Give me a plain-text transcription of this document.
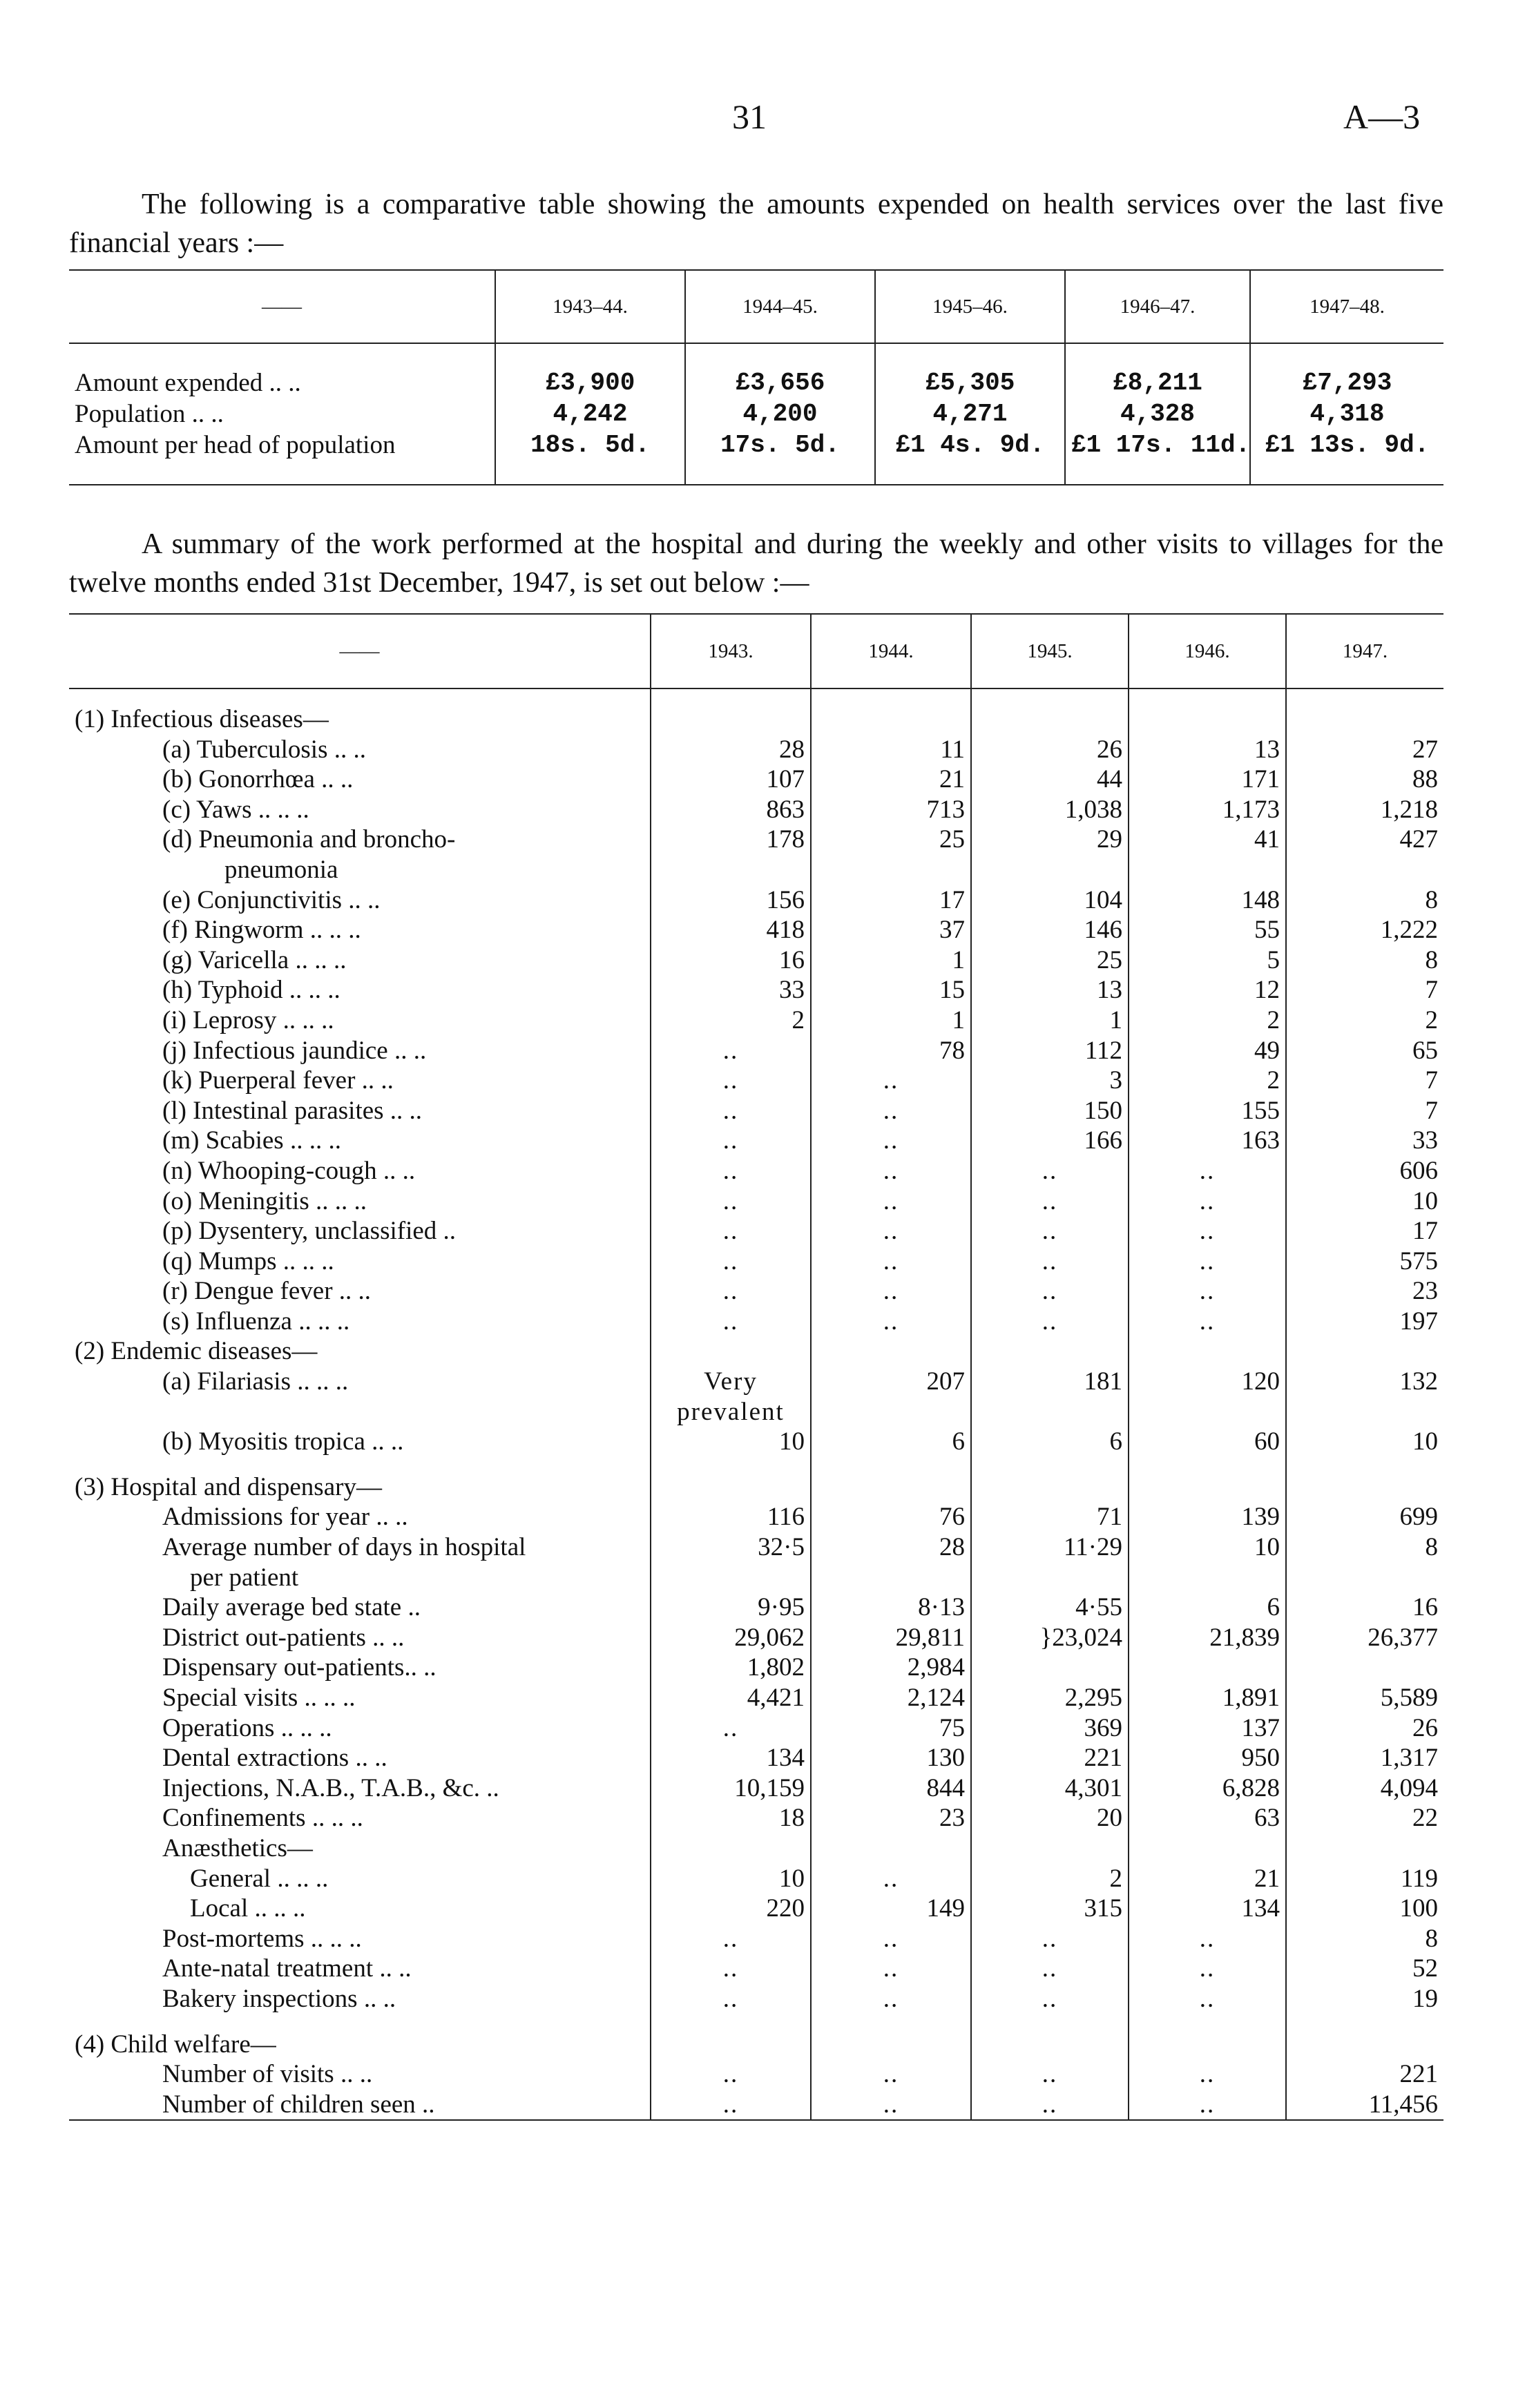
31	A—3

The following is a comparative table showing the amounts expended on health services over the last five financial years :—

——	1943–44.	1944–45.	1945–46.	1946–47.	1947–48.
Amount expended .. ..	£3,900	£3,656	£5,305	£8,211	£7,293
Population .. ..	4,242	4,200	4,271	4,328	4,318
Amount per head of population	18s. 5d.	17s. 5d.	£1 4s. 9d.	£1 17s. 11d.	£1 13s. 9d.

A summary of the work performed at the hospital and during the weekly and other visits to villages for the twelve months ended 31st December, 1947, is set out below :—

——	1943.	1944.	1945.	1946.	1947.

(1) Infectious diseases—					
(a) Tuberculosis .. ..	28	11	26	13	27
(b) Gonorrhœa .. ..	107	21	44	171	88
(c) Yaws .. .. ..	863	713	1,038	1,173	1,218
(d) Pneumonia and broncho-	178	25	29	41	427
pneumonia					
(e) Conjunctivitis .. ..	156	17	104	148	8
(f) Ringworm .. .. ..	418	37	146	55	1,222
(g) Varicella .. .. ..	16	1	25	5	8
(h) Typhoid .. .. ..	33	15	13	12	7
(i) Leprosy .. .. ..	2	1	1	2	2
(j) Infectious jaundice .. ..	..	78	112	49	65
(k) Puerperal fever .. ..	..	..	3	2	7
(l) Intestinal parasites .. ..	..	..	150	155	7
(m) Scabies .. .. ..	..	..	166	163	33
(n) Whooping-cough .. ..	..	..	..	..	606
(o) Meningitis .. .. ..	..	..	..	..	10
(p) Dysentery, unclassified ..	..	..	..	..	17
(q) Mumps .. .. ..	..	..	..	..	575
(r) Dengue fever .. ..	..	..	..	..	23
(s) Influenza .. .. ..	..	..	..	..	197
(2) Endemic diseases—					
(a) Filariasis .. .. ..	Very	207	181	120	132
	prevalent				
(b) Myositis tropica .. ..	10	6	6	60	10

(3) Hospital and dispensary—					
Admissions for year .. ..	116	76	71	139	699
Average number of days in hospital	32·5	28	11·29	10	8
per patient					
Daily average bed state ..	9·95	8·13	4·55	6	16
District out-patients .. ..	29,062	29,811	}23,024	21,839	26,377
Dispensary out-patients.. ..	1,802	2,984			
Special visits .. .. ..	4,421	2,124	2,295	1,891	5,589
Operations .. .. ..	..	75	369	137	26
Dental extractions .. ..	134	130	221	950	1,317
Injections, N.A.B., T.A.B., &c. ..	10,159	844	4,301	6,828	4,094
Confinements .. .. ..	18	23	20	63	22
Anæsthetics—					
General .. .. ..	10	..	2	21	119
Local .. .. ..	220	149	315	134	100
Post-mortems .. .. ..	..	..	..	..	8
Ante-natal treatment .. ..	..	..	..	..	52
Bakery inspections .. ..	..	..	..	..	19

(4) Child welfare—					
Number of visits .. ..	..	..	..	..	221
Number of children seen ..	..	..	..	..	11,456
